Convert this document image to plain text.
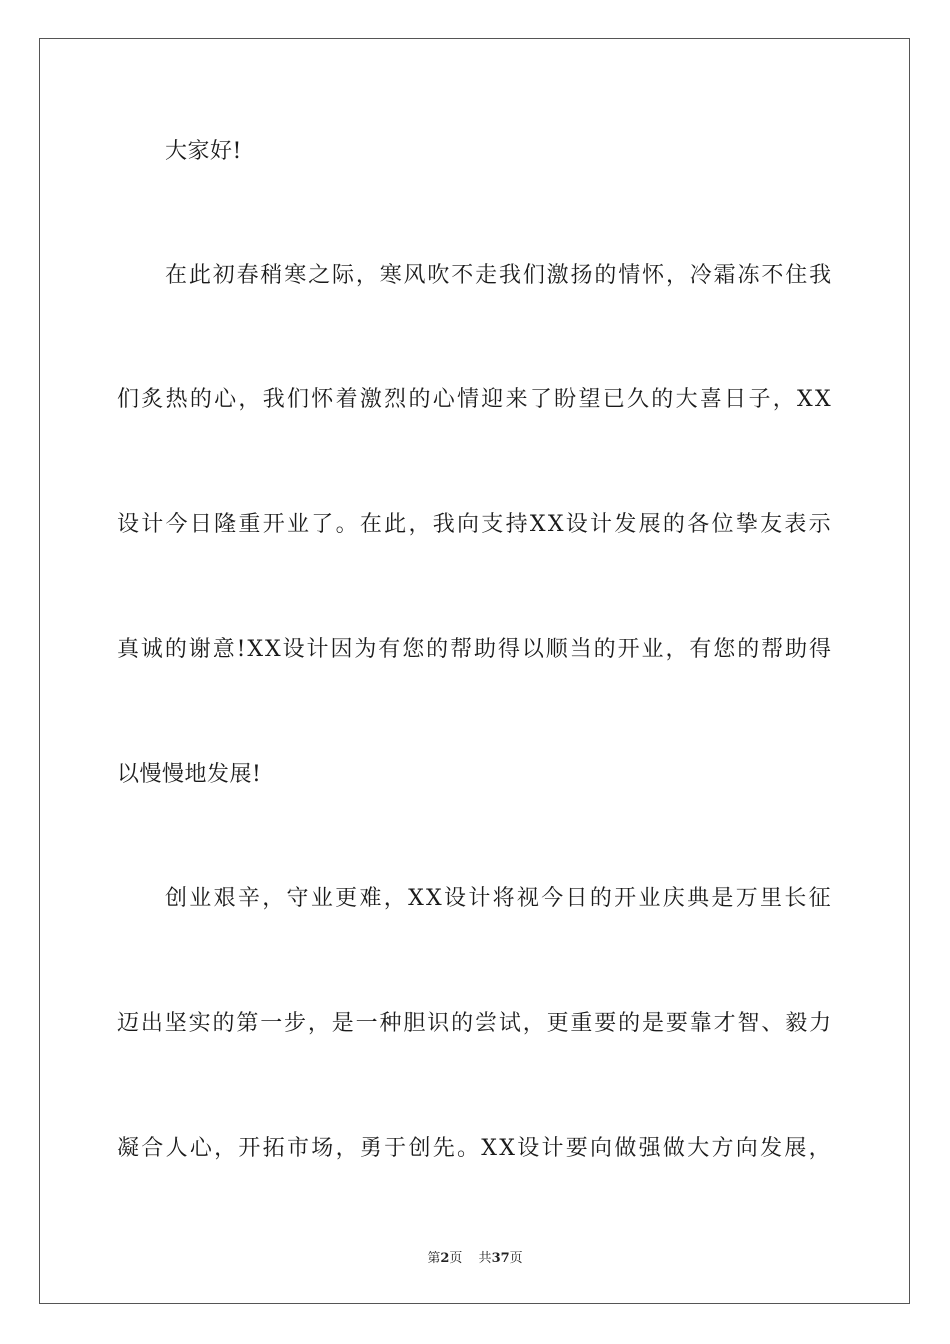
大家好!
在此初春稍寒之际，寒风吹不走我们激扬的情怀，冷霜冻不住我
们炙热的心，我们怀着激烈的心情迎来了盼望已久的大喜日子，XX
设计今日隆重开业了。在此，我向支持XX设计发展的各位挚友表示
真诚的谢意!XX设计因为有您的帮助得以顺当的开业，有您的帮助得
以慢慢地发展!
创业艰辛，守业更难，XX设计将视今日的开业庆典是万里长征
迈出坚实的第一步，是一种胆识的尝试，更重要的是要靠才智、毅力
凝合人心，开拓市场，勇于创先。XX设计要向做强做大方向发展，
第2页 共37页
